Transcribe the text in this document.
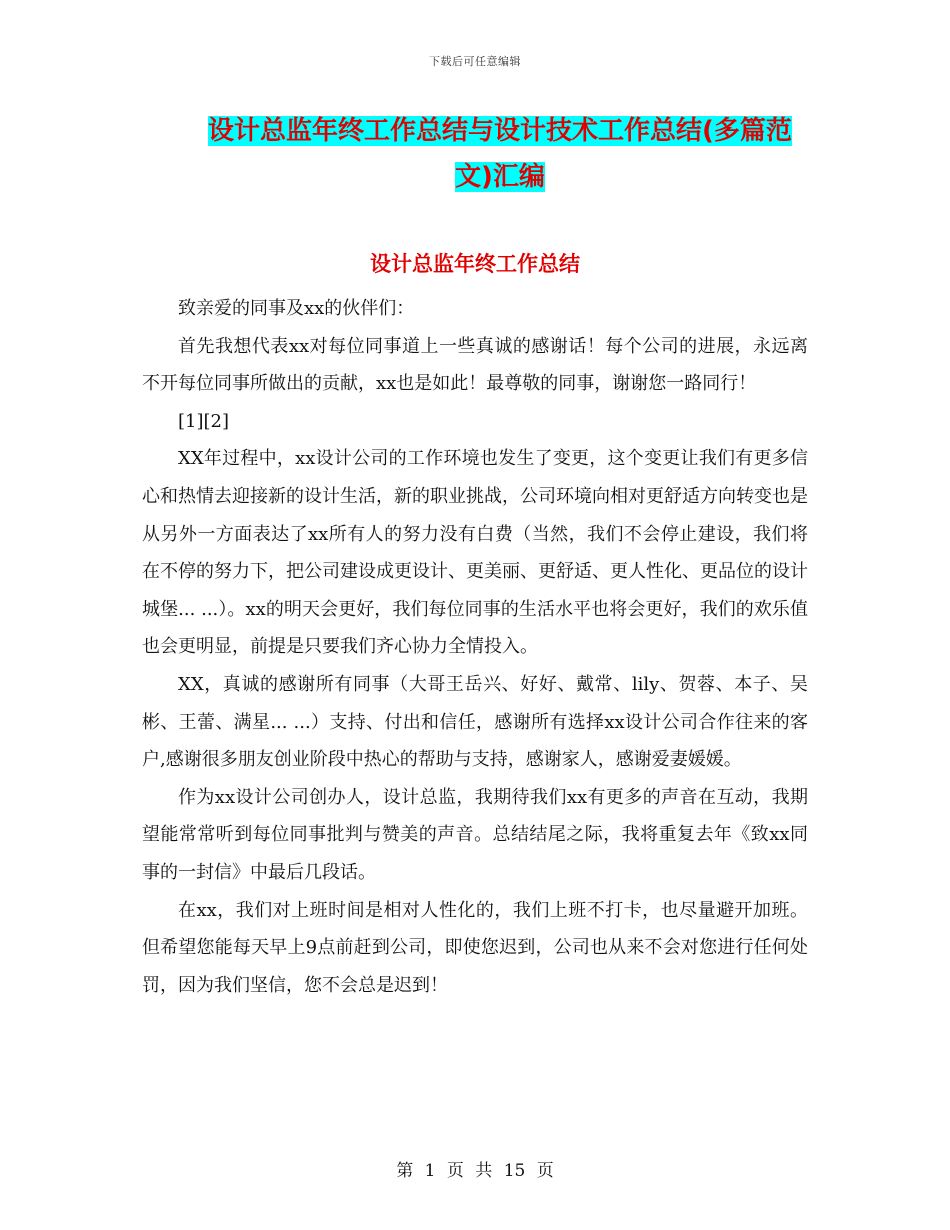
下载后可任意编辑
设计总监年终工作总结与设计技术工作总结(多篇范
文)汇编
设计总监年终工作总结

致亲爱的同事及xx的伙伴们：

首先我想代表xx对每位同事道上一些真诚的感谢话！每个公司的进展，永远离不开每位同事所做出的贡献，xx也是如此！最尊敬的同事，谢谢您一路同行！

[1][2]

XX年过程中，xx设计公司的工作环境也发生了变更，这个变更让我们有更多信心和热情去迎接新的设计生活，新的职业挑战，公司环境向相对更舒适方向转变也是从另外一方面表达了xx所有人的努力没有白费（当然，我们不会停止建设，我们将在不停的努力下，把公司建设成更设计、更美丽、更舒适、更人性化、更品位的设计城堡... ...）。xx的明天会更好，我们每位同事的生活水平也将会更好，我们的欢乐值也会更明显，前提是只要我们齐心协力全情投入。

XX，真诚的感谢所有同事（大哥王岳兴、好好、戴常、lily、贺蓉、本子、吴彬、王蕾、满星... ...）支持、付出和信任，感谢所有选择xx设计公司合作往来的客户,感谢很多朋友创业阶段中热心的帮助与支持，感谢家人，感谢爱妻媛媛。

作为xx设计公司创办人，设计总监，我期待我们xx有更多的声音在互动，我期望能常常听到每位同事批判与赞美的声音。总结结尾之际，我将重复去年《致xx同事的一封信》中最后几段话。

在xx，我们对上班时间是相对人性化的，我们上班不打卡，也尽量避开加班。但希望您能每天早上9点前赶到公司，即使您迟到，公司也从来不会对您进行任何处罚，因为我们坚信，您不会总是迟到！

第 1 页 共 15 页
